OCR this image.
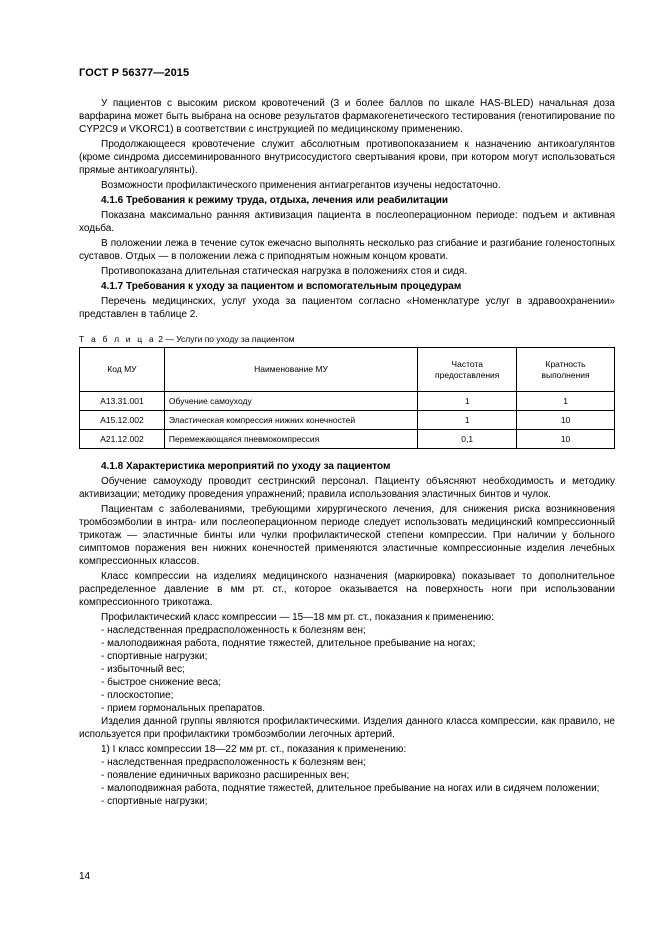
ГОСТ Р 56377—2015

У пациентов с высоким риском кровотечений (3 и более баллов по шкале HAS-BLED) начальная доза варфарина может быть выбрана на основе результатов фармакогенетического тестирования (генотипирование по CYP2C9 и VKORC1) в соответствии с инструкцией по медицинскому применению.

Продолжающееся кровотечение служит абсолютным противопоказанием к назначению антикоагулянтов (кроме синдрома диссеминированного внутрисосудистого свертывания крови, при котором могут использоваться прямые антикоагулянты).

Возможности профилактического применения антиагрегантов изучены недостаточно.

4.1.6 Требования к режиму труда, отдыха, лечения или реабилитации

Показана максимально ранняя активизация пациента в послеоперационном периоде: подъем и активная ходьба.

В положении лежа в течение суток ежечасно выполнять несколько раз сгибание и разгибание голеностопных суставов. Отдых — в положении лежа с приподнятым ножным концом кровати.

Противопоказана длительная статическая нагрузка в положениях стоя и сидя.

4.1.7 Требования к уходу за пациентом и вспомогательным процедурам

Перечень медицинских, услуг ухода за пациентом согласно «Номенклатуре услуг в здравоохранении» представлен в таблице 2.

Т а б л и ц а 2 — Услуги по уходу за пациентом
Код МУ	Наименование МУ	Частота предоставления	Кратность выполнения
A13.31.001	Обучение самоуходу	1	1
A15.12.002	Эластическая компрессия нижних конечностей	1	10
A21.12.002	Перемежающаяся пневмокомпрессия	0,1	10

4.1.8 Характеристика мероприятий по уходу за пациентом

Обучение самоуходу проводит сестринский персонал. Пациенту объясняют необходимость и методику активизации; методику проведения упражнений; правила использования эластичных бинтов и чулок.

Пациентам с заболеваниями, требующими хирургического лечения, для снижения риска возникновения тромбоэмболии в интра- или послеоперационном периоде следует использовать медицинский компрессионный трикотаж — эластичные бинты или чулки профилактической степени компрессии. При наличии у больного симптомов поражения вен нижних конечностей применяются эластичные компрессионные изделия лечебных компрессионных классов.

Класс компрессии на изделиях медицинского назначения (маркировка) показывает то дополнительное распределенное давление в мм рт. ст., которое оказывается на поверхность ноги при использовании компрессионного трикотажа.

Профилактический класс компрессии — 15—18 мм рт. ст., показания к применению:

- наследственная предрасположенность к болезням вен;

- малоподвижная работа, поднятие тяжестей, длительное пребывание на ногах;

- спортивные нагрузки;

- избыточный вес;

- быстрое снижение веса;

- плоскостопие;

- прием гормональных препаратов.

Изделия данной группы являются профилактическими. Изделия данного класса компрессии, как правило, не используется при профилактики тромбоэмболии легочных артерий.

1) I класс компрессии 18—22 мм рт. ст., показания к применению:

- наследственная предрасположенность к болезням вен;

- появление единичных варикозно расширенных вен;

- малоподвижная работа, поднятие тяжестей, длительное пребывание на ногах или в сидячем положении;

- спортивные нагрузки;

14
